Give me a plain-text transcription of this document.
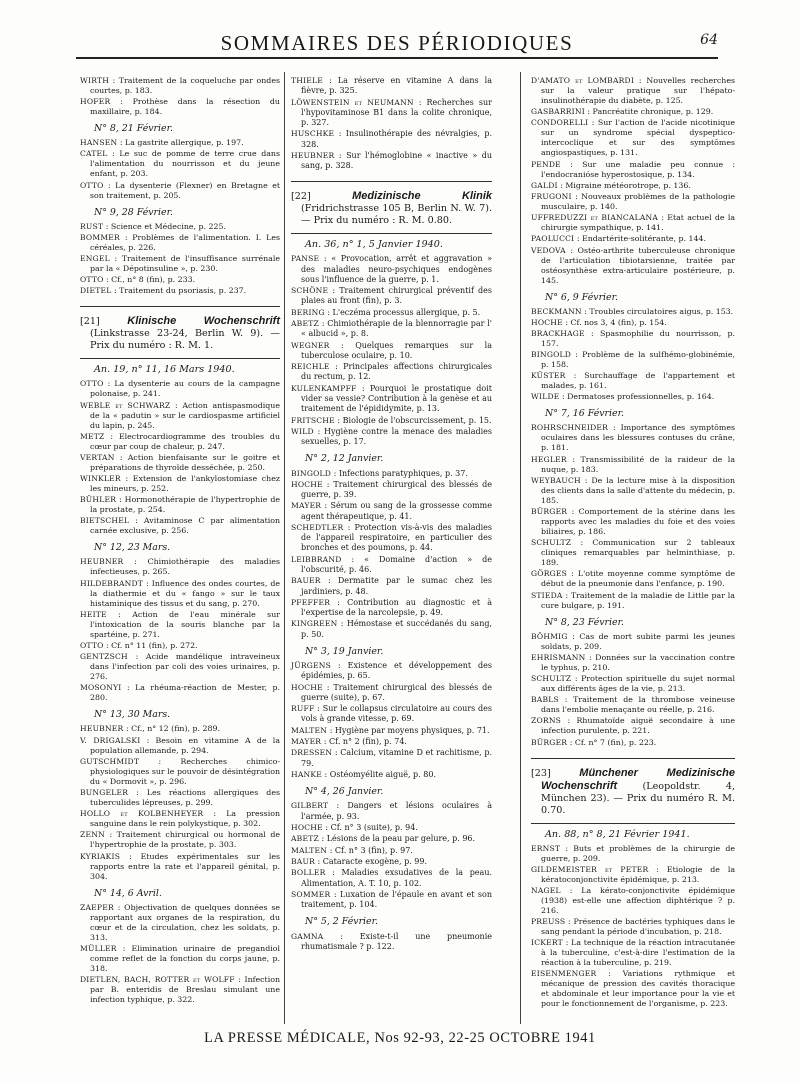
SOMMAIRES DES PÉRIODIQUES	64
WIRTH : Traitement de la coqueluche par ondes courtes, p. 183.
HOFER : Prothèse dans la résection du maxillaire, p. 184.
N° 8, 21 Février.
HANSEN : La gastrite allergique, p. 197.
CATEL : Le suc de pomme de terre crue dans l'alimentation du nourrisson et du jeune enfant, p. 203.
OTTO : La dysenterie (Flexner) en Bretagne et son traitement, p. 205.
N° 9, 28 Février.
RUST : Science et Médecine, p. 225.
BOMMER : Problèmes de l'alimentation. I. Les céréales, p. 226.
ENGEL : Traitement de l'insuffisance surrénale par la « Dépotinsuline », p. 230.
OTTO : Cf., n° 8 (fin), p. 233.
DIETEL : Traitement du psoriasis, p. 237.
[21]	Klinische Wochenschrift (Linkstrasse 23-24, Berlin W. 9). — Prix du numéro : R. M. 1.
An. 19, n° 11, 16 Mars 1940.
OTTO : La dysenterie au cours de la campagne polonaise, p. 241.
WEBLE et SCHWARZ : Action antispasmodique de la « padutin » sur le cardiospasme artificiel du lapin, p. 245.
METZ : Electrocardiogramme des troubles du cœur par coup de chaleur, p. 247.
VERTAN : Action bienfaisante sur le goitre et préparations de thyroïde desséchée, p. 250.
WINKLER : Extension de l'ankylostomiase chez les mineurs, p. 252.
BÜHLER : Hormonothérapie de l'hypertrophie de la prostate, p. 254.
BIETSCHEL : Avitaminose C par alimentation carnée exclusive, p. 256.
N° 12, 23 Mars.
HEUBNER : Chimiothérapie des maladies infectieuses, p. 265.
HILDEBRANDT : Influence des ondes courtes, de la diathermie et du « fango » sur le taux histaminique des tissus et du sang, p. 270.
HEITE : Action de l'eau minérale sur l'intoxication de la souris blanche par la spartéine, p. 271.
OTTO : Cf. n° 11 (fin), p. 272.
GENTZSCH : Acide mandélique intraveineux dans l'infection par coli des voies urinaires, p. 276.
MOSONYI : La rhéuma-réaction de Mester, p. 280.
N° 13, 30 Mars.
HEUBNER : Cf., n° 12 (fin), p. 289.
V. DRIGALSKI : Besoin en vitamine A de la population allemande, p. 294.
GUTSCHMIDT : Recherches chimico-physiologiques sur le pouvoir de désintégration du « Dormovit », p. 296.
BUNGELER : Les réactions allergiques des tuberculides lépreuses, p. 299.
HOLLO et KOLBENHEYER : La pression sanguine dans le rein polykystique, p. 302.
ZENN : Traitement chirurgical ou hormonal de l'hypertrophie de la prostate, p. 303.
KYRIAKIS : Etudes expérimentales sur les rapports entre la rate et l'appareil génital, p. 304.
N° 14, 6 Avril.
ZAEPER : Objectivation de quelques données se rapportant aux organes de la respiration, du cœur et de la circulation, chez les soldats, p. 313.
MÜLLER : Elimination urinaire de pregandiol comme reflet de la fonction du corps jaune, p. 318.
DIETLEN, BACH, ROTTER et WOLFF : Infection par B. enteridis de Breslau simulant une infection typhique, p. 322.
THIELE : La réserve en vitamine A dans la fièvre, p. 325.
LÖWENSTEIN et NEUMANN : Recherches sur l'hypovitaminose B1 dans la colite chronique, p. 327.
HUSCHKE : Insulinothérapie des névralgies, p. 328.
HEUBNER : Sur l'hémoglobine « inactive » du sang, p. 328.
[22]	Medizinische Klinik (Fridrichstrasse 105 B, Berlin N. W. 7). — Prix du numéro : R. M. 0.80.
An. 36, n° 1, 5 Janvier 1940.
PANSE : « Provocation, arrêt et aggravation » des maladies neuro-psychiques endogènes sous l'influence de la guerre, p. 1.
SCHÖNE : Traitement chirurgical préventif des plaies au front (fin), p. 3.
BERING : L'eczéma processus allergique, p. 5.
ABETZ : Chimiothérapie de la blennorragie par l' « albucid », p. 8.
WEGNER : Quelques remarques sur la tuberculose oculaire, p. 10.
REICHLE : Principales affections chirurgicales du rectum, p. 12.
KULENKAMPFF : Pourquoi le prostatique doit vider sa vessie? Contribution à la genèse et au traitement de l'épididymite, p. 13.
FRITSCHE : Biologie de l'obscurcissement, p. 15.
WILD : Hygiène contre la menace des maladies sexuelles, p. 17.
N° 2, 12 Janvier.
BINGOLD : Infections paratyphiques, p. 37.
HOCHE : Traitement chirurgical des blessés de guerre, p. 39.
MAYER : Sérum ou sang de la grossesse comme agent thérapeutique, p. 41.
SCHEDTLER : Protection vis-à-vis des maladies de l'appareil respiratoire, en particulier des bronches et des poumons, p. 44.
LEIBBRAND : « Domaine d'action » de l'obscurité, p. 46.
BAUER : Dermatite par le sumac chez les jardiniers, p. 48.
PFEFFER : Contribution au diagnostic et à l'expertise de la narcolepsie, p. 49.
KINGREEN : Hémostase et succédanés du sang, p. 50.
N° 3, 19 Janvier.
JÜRGENS : Existence et développement des épidémies, p. 65.
HOCHE : Traitement chirurgical des blessés de guerre (suite), p. 67.
RUFF : Sur le collapsus circulatoire au cours des vols à grande vitesse, p. 69.
MALTEN : Hygiène par moyens physiques, p. 71.
MAYER : Cf. n° 2 (fin), p. 74.
DRESSEN : Calcium, vitamine D et rachitisme, p. 79.
HANKE : Ostéomyélite aiguë, p. 80.
N° 4, 26 Janvier.
GILBERT : Dangers et lésions oculaires à l'armée, p. 93.
HOCHE : Cf. n° 3 (suite), p. 94.
ABETZ : Lésions de la peau par gelure, p. 96.
MALTEN : Cf. n° 3 (fin), p. 97.
BAUR : Cataracte exogène, p. 99.
BOLLER : Maladies exsudatives de la peau. Alimentation, A. T. 10, p. 102.
SOMMER : Luxation de l'épaule en avant et son traitement, p. 104.
N° 5, 2 Février.
GAMNA : Existe-t-il une pneumonie rhumatismale ? p. 122.
D'AMATO et LOMBARDI : Nouvelles recherches sur la valeur pratique sur l'hépato-insulinothérapie du diabète, p. 125.
GASBARRINI : Pancréatite chronique, p. 129.
CONDORELLI : Sur l'action de l'acide nicotinique sur un syndrome spécial dyspeptico-intercoclique et sur des symptômes angiospastiques, p. 131.
PENDE : Sur une maladie peu connue : l'endocranióse hyperostosique, p. 134.
GALDI : Migraine météorotrope, p. 136.
FRUGONI : Nouveaux problèmes de la pathologie musculaire, p. 140.
UFFREDUZZI et BIANCALANA : Etat actuel de la chirurgie sympathique, p. 141.
PAOLUCCI : Endartérite-solitérante, p. 144.
VEDOVA : Ostéo-arthrite tuberculeuse chronique de l'articulation tibiotarsienne, traitée par ostéosynthèse extra-articulaire postérieure, p. 145.
N° 6, 9 Février.
BECKMANN : Troubles circulatoires aigus, p. 153.
HOCHE : Cf. nos 3, 4 (fin), p. 154.
BRACKHAGE : Spasmophilie du nourrisson, p. 157.
BINGOLD : Problème de la sulfhémo-globinémie, p. 158.
KÜSTER : Surchauffage de l'appartement et malades, p. 161.
WILDE : Dermatoses professionnelles, p. 164.
N° 7, 16 Février.
ROHRSCHNEIDER : Importance des symptômes oculaires dans les blessures contuses du crâne, p. 181.
HEGLER : Transmissibilité de la raideur de la nuque, p. 183.
WEYBAUCH : De la lecture mise à la disposition des clients dans la salle d'attente du médecin, p. 185.
BÜRGER : Comportement de la stérine dans les rapports avec les maladies du foie et des voies biliaires, p. 186.
SCHULTZ : Communication sur 2 tableaux cliniques remarquables par helminthiase, p. 189.
GÖRGES : L'otite moyenne comme symptôme de début de la pneumonie dans l'enfance, p. 190.
STIEDA : Traitement de la maladie de Little par la cure bulgare, p. 191.
N° 8, 23 Février.
BÖHMIG : Cas de mort subite parmi les jeunes soldats, p. 209.
EHRISMANN : Données sur la vaccination contre le typhus, p. 210.
SCHULTZ : Protection spirituelle du sujet normal aux différents âges de la vie, p. 213.
BABLS : Traitement de la thrombose veineuse dans l'embolie menaçante ou réelle, p. 216.
ZORNS : Rhumatoïde aiguë secondaire à une infection purulente, p. 221.
BÜRGER : Cf. n° 7 (fin), p. 223.
[23]	Münchener Medizinische Wochenschrift	(Leopoldstr. 4, München 23). — Prix du numéro R. M. 0.70.
An. 88, n° 8, 21 Février 1941.
ERNST : Buts et problèmes de la chirurgie de guerre, p. 209.
GILDEMEISTER et PETER : Etiologie de la kératoconjonctivite épidémique, p. 213.
NAGEL : La kérato-conjonctivite épidémique (1938) est-elle une affection diphtérique ? p. 216.
PREUSS : Présence de bactéries typhiques dans le sang pendant la période d'incubation, p. 218.
ICKERT : La technique de la réaction intracutanée à la tuberculine, c'est-à-dire l'estimation de la réaction à la tuberculine, p. 219.
EISENMENGER : Variations rythmique et mécanique de pression des cavités thoracique et abdominale et leur importance pour la vie et pour le fonctionnement de l'organisme, p. 223.
LA PRESSE MÉDICALE, Nos 92-93, 22-25 OCTOBRE 1941
